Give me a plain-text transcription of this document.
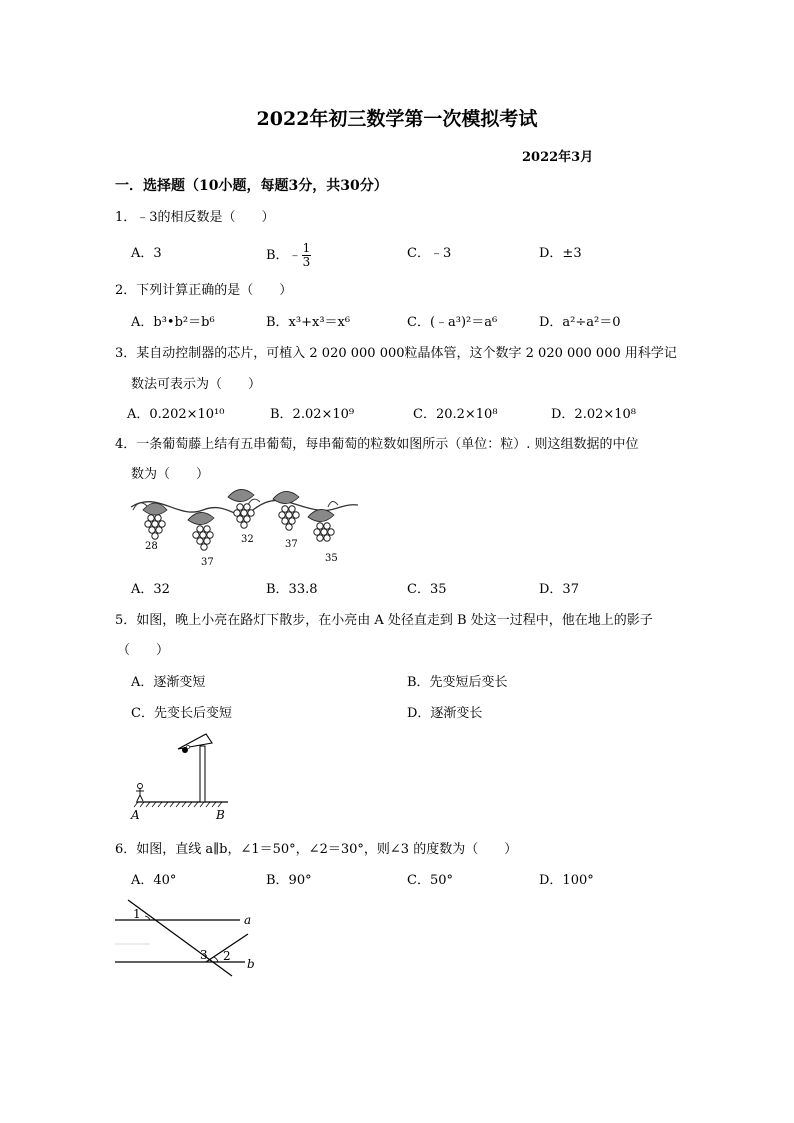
2022年初三数学第一次模拟考试
2022年3月
一．选择题（10小题，每题3分，共30分）
1．﹣3的相反数是（　　）
A．3	B．﹣ $\frac{1}{3}$	C．﹣3	D．±3
2．下列计算正确的是（　　）
A．b³•b²＝b⁶	B．x³+x³＝x⁶	C．(﹣a³)²＝a⁶	D．a²÷a²＝0
3．某自动控制器的芯片，可植入 2 020 000 000粒晶体管，这个数字 2 020 000 000 用科学记
数法可表示为（　　）
A．0.202×10¹⁰	B．2.02×10⁹	C．20.2×10⁸	D．2.02×10⁸
4．一条葡萄藤上结有五串葡萄，每串葡萄的粒数如图所示（单位：粒）. 则这组数据的中位
数为（　　）
28
37
32	37
35
A．32	B．33.8	C．35	D．37
5．如图，晚上小亮在路灯下散步，在小亮由 A 处径直走到 B 处这一过程中，他在地上的影子
（　　）
A．逐渐变短	B．先变短后变长
C．先变长后变短	D．逐渐变长
A	B
6．如图，直线 a∥b，∠1＝50°，∠2＝30°，则∠3 的度数为（　　）
A．40°	B．90°	C．50°	D．100°
1	a
3 2
b
